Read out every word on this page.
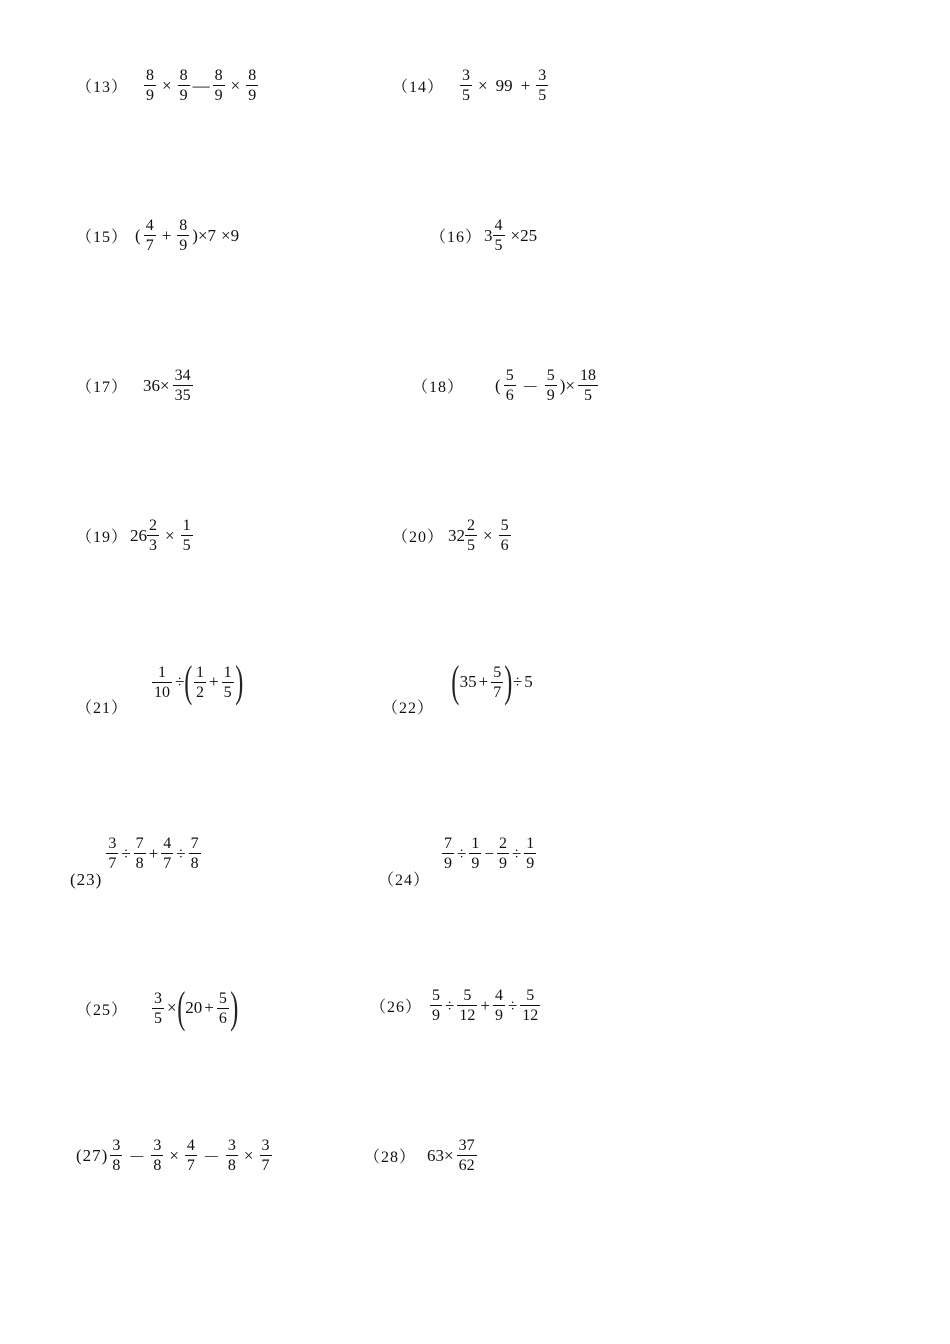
$(13) \frac{8}{9} \times \frac{8}{9}$ — $\frac{8}{9} \times \frac{8}{9}$	$(14) \frac{3}{5} \times 99 + \frac{3}{5}$
（15） ( $\frac{4}{7} + \frac{8}{9} )\times 7 \times 9$	（16） $3 \frac{4}{5} \times 25$
（17） $36\times \frac{34}{35}$	（18） ( $\frac{5}{6} - \frac{5}{9}$ )× $\frac{18}{5}$
（19） $26 \frac{2}{3} \times \frac{1}{5}$	（20） $32 \frac{2}{5} \times \frac{5}{6}$
（21）
$\frac{1}{10}$ ÷ ( $\frac{1}{2} + \frac{1}{5}$ )
（22）
( $35 + \frac{5}{7}$ ) ÷ 5
(23)
$\frac{3}{7} \div \frac{7}{8} + \frac{4}{7} \div \frac{7}{8}$
（24）
$\frac{7}{9} \div \frac{1}{9} - \frac{2}{9} \div \frac{1}{9}$
$(25) \frac{3}{5}$ × ( $20 + \frac{5}{6}$ )	$(26) \frac{5}{9} \div \frac{5}{12} + \frac{4}{9} \div \frac{5}{12}$
$(27) \frac{3}{8} - \frac{3}{8} \times \frac{4}{7} - \frac{3}{8} \times \frac{3}{7}$	（28） $63\times \frac{37}{62}$
